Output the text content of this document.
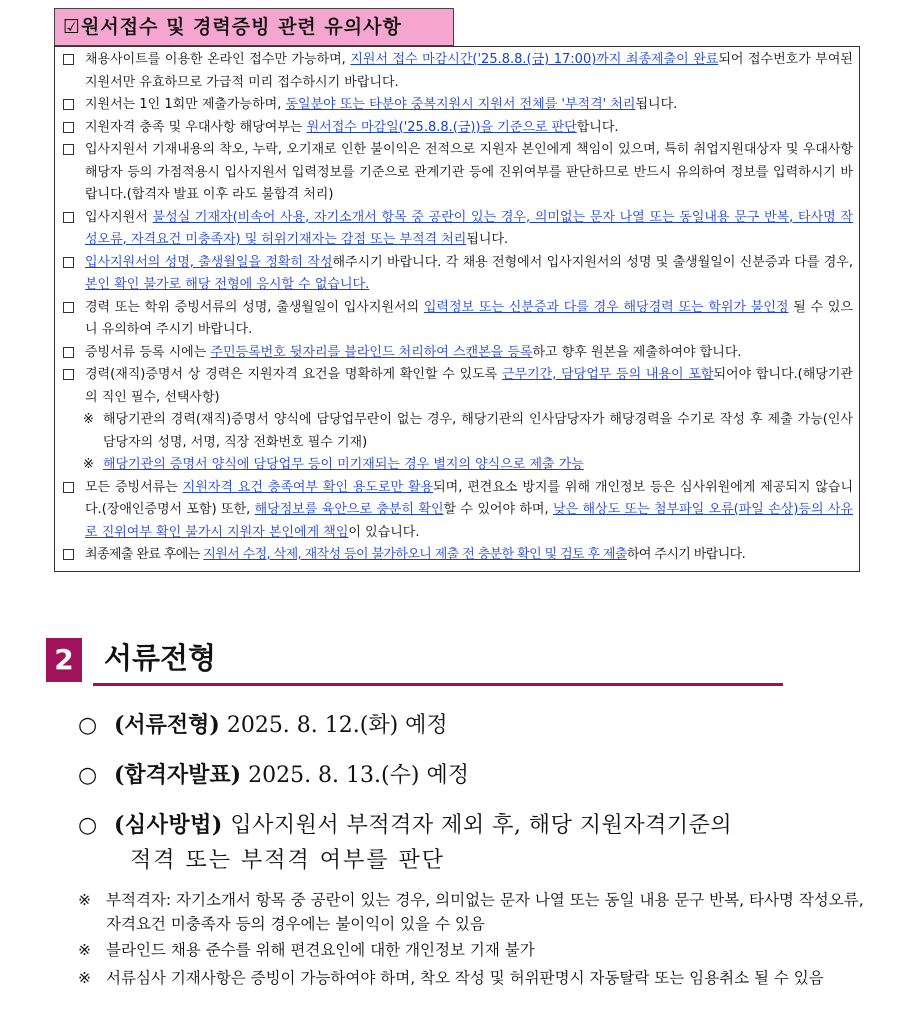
☑원서접수 및 경력증빙 관련 유의사항
채용사이트를 이용한 온라인 접수만 가능하며, 지원서 접수 마감시간('25.8.8.(금) 17:00)까지 최종제출이 완료되어 접수번호가 부여된 지원서만 유효하므로 가급적 미리 접수하시기 바랍니다.
지원서는 1인 1회만 제출가능하며, 동일분야 또는 타분야 중복지원시 지원서 전체를 '부적격' 처리됩니다.
지원자격 충족 및 우대사항 해당여부는 원서접수 마감일('25.8.8.(금))을 기준으로 판단합니다.
입사지원서 기재내용의 착오, 누락, 오기재로 인한 불이익은 전적으로 지원자 본인에게 책임이 있으며, 특히 취업지원대상자 및 우대사항 해당자 등의 가점적용시 입사지원서 입력정보를 기준으로 관계기관 등에 진위여부를 판단하므로 반드시 유의하여 정보를 입력하시기 바랍니다.(합격자 발표 이후 라도 불합격 처리)
입사지원서 불성실 기재자(비속어 사용, 자기소개서 항목 중 공란이 있는 경우, 의미없는 문자 나열 또는 동일내용 문구 반복, 타사명 작성오류, 자격요건 미충족자) 및 허위기재자는 감점 또는 부적격 처리됩니다.
입사지원서의 성명, 출생월일을 정확히 작성해주시기 바랍니다. 각 채용 전형에서 입사지원서의 성명 및 출생월일이 신분증과 다를 경우, 본인 확인 불가로 해당 전형에 응시할 수 없습니다.
경력 또는 학위 증빙서류의 성명, 출생월일이 입사지원서의 입력정보 또는 신분증과 다를 경우 해당경력 또는 학위가 불인정 될 수 있으니 유의하여 주시기 바랍니다.
증빙서류 등록 시에는 주민등록번호 뒷자리를 블라인드 처리하여 스캔본을 등록하고 향후 원본을 제출하여야 합니다.
경력(재직)증명서 상 경력은 지원자격 요건을 명확하게 확인할 수 있도록 근무기간, 담당업무 등의 내용이 포함되어야 합니다.(해당기관의 직인 필수, 선택사항)
※ 해당기관의 경력(재직)증명서 양식에 담당업무란이 없는 경우, 해당기관의 인사담당자가 해당경력을 수기로 작성 후 제출 가능(인사담당자의 성명, 서명, 직장 전화번호 필수 기재)
※ 해당기관의 증명서 양식에 담당업무 등이 미기재되는 경우 별지의 양식으로 제출 가능
모든 증빙서류는 지원자격 요건 충족여부 확인 용도로만 활용되며, 편견요소 방지를 위해 개인정보 등은 심사위원에게 제공되지 않습니다.(장애인증명서 포함) 또한, 해당정보를 육안으로 충분히 확인할 수 있어야 하며, 낮은 해상도 또는 첨부파일 오류(파일 손상)등의 사유로 진위여부 확인 불가시 지원자 본인에게 책임이 있습니다.
최종제출 완료 후에는 지원서 수정, 삭제, 재작성 등이 불가하오니 제출 전 충분한 확인 및 검토 후 제출하여 주시기 바랍니다.
2 서류전형
○ (서류전형) 2025. 8. 12.(화) 예정
○ (합격자발표) 2025. 8. 13.(수) 예정
○ (심사방법) 입사지원서 부적격자 제외 후, 해당 지원자격기준의
적격 또는 부적격 여부를 판단
※ 부적격자: 자기소개서 항목 중 공란이 있는 경우, 의미없는 문자 나열 또는 동일 내용 문구 반복, 타사명 작성오류, 자격요건 미충족자 등의 경우에는 불이익이 있을 수 있음
※ 블라인드 채용 준수를 위해 편견요인에 대한 개인정보 기재 불가
※ 서류심사 기재사항은 증빙이 가능하여야 하며, 착오 작성 및 허위판명시 자동탈락 또는 임용취소 될 수 있음
